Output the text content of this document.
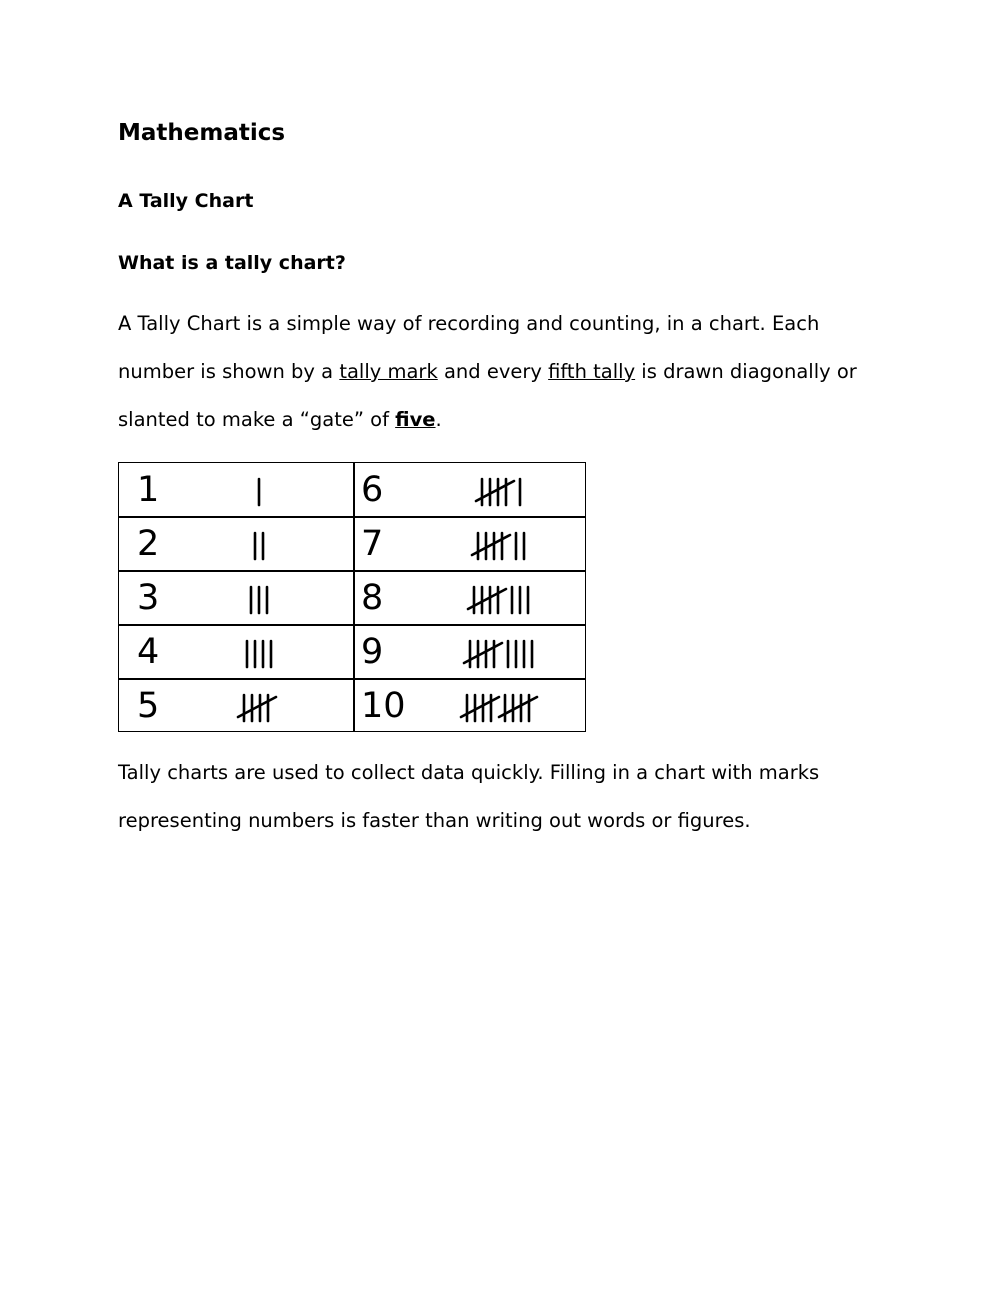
Mathematics
A Tally Chart
What is a tally chart?

A Tally Chart is a simple way of recording and counting, in a chart. Each number is shown by a tally mark and every fifth tally is drawn diagonally or slanted to make a “gate” of five.

1
2
3
4
5
6
7
8
9
10

Tally charts are used to collect data quickly. Filling in a chart with marks representing numbers is faster than writing out words or figures.
